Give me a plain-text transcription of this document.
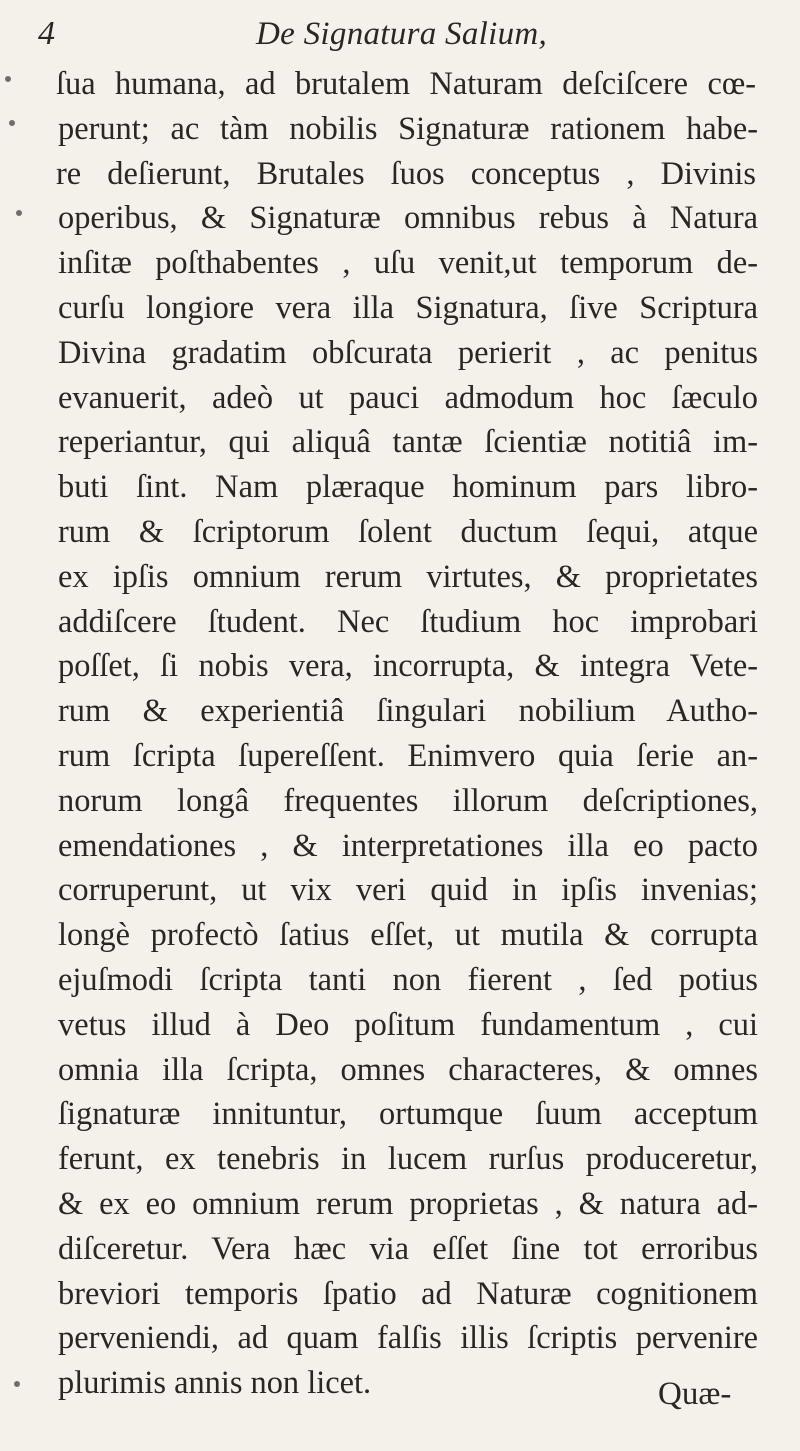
4	De Signatura Salium,
ſua humana, ad brutalem Naturam deſciſcere cœ-
perunt; ac tàm nobilis Signaturæ rationem habe-
re deſierunt, Brutales ſuos conceptus , Divinis
operibus, & Signaturæ omnibus rebus à Natura
inſitæ poſthabentes , uſu venit,ut temporum de-
curſu longiore vera illa Signatura, ſive Scriptura
Divina gradatim obſcurata perierit , ac penitus
evanuerit, adeò ut pauci admodum hoc ſæculo
reperiantur, qui aliquâ tantæ ſcientiæ notitiâ im-
buti ſint. Nam plæraque hominum pars libro-
rum & ſcriptorum ſolent ductum ſequi, atque
ex ipſis omnium rerum virtutes, & proprietates
addiſcere ſtudent. Nec ſtudium hoc improbari
poſſet, ſi nobis vera, incorrupta, & integra Vete-
rum & experientiâ ſingulari nobilium Autho-
rum ſcripta ſupereſſent. Enimvero quia ſerie an-
norum longâ frequentes illorum deſcriptiones,
emendationes , & interpretationes illa eo pacto
corruperunt, ut vix veri quid in ipſis invenias;
longè profectò ſatius eſſet, ut mutila & corrupta
ejuſmodi ſcripta tanti non fierent , ſed potius
vetus illud à Deo poſitum fundamentum , cui
omnia illa ſcripta, omnes characteres, & omnes
ſignaturæ innituntur, ortumque ſuum acceptum
ferunt, ex tenebris in lucem rurſus produceretur,
& ex eo omnium rerum proprietas , & natura ad-
diſceretur. Vera hæc via eſſet ſine tot erroribus
breviori temporis ſpatio ad Naturæ cognitionem
perveniendi, ad quam falſis illis ſcriptis pervenire
plurimis annis non licet.	Quæ-
